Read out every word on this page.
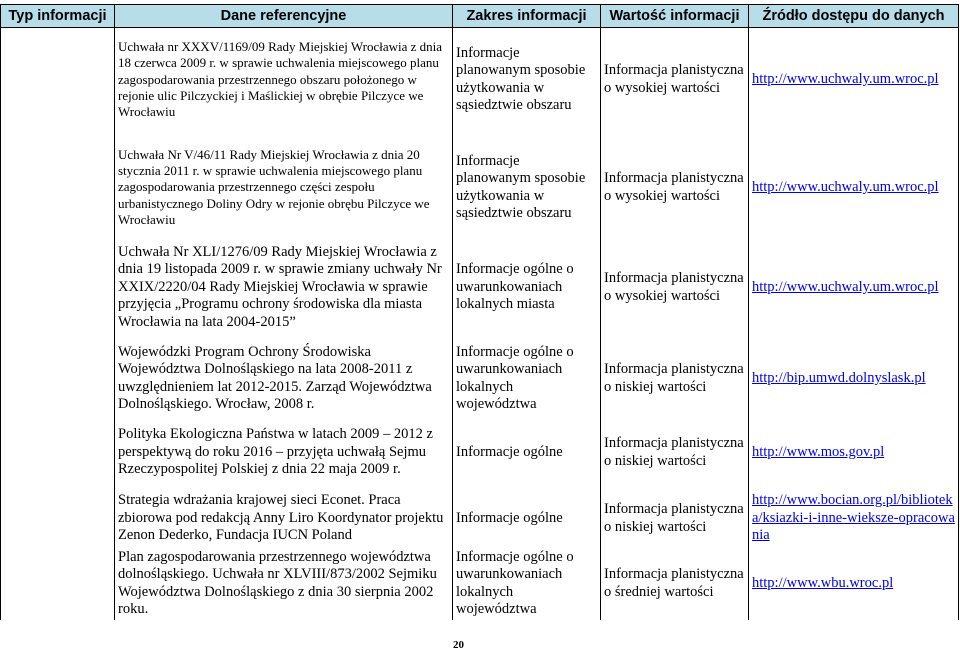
Typ informacji	Dane referencyjne	Zakres informacji	Wartość informacji	Źródło dostępu do danych
	Uchwała nr XXXV/1169/09 Rady Miejskiej Wrocławia z dnia 18 czerwca 2009 r. w sprawie uchwalenia miejscowego planu zagospodarowania przestrzennego obszaru położonego w rejonie ulic Pilczyckiej i Maślickiej w obrębie Pilczyce we Wrocławiu	Informacje planowanym sposobie użytkowania w sąsiedztwie obszaru	Informacja planistyczna o wysokiej wartości	http://www.uchwaly.um.wroc.pl

	Uchwała Nr V/46/11 Rady Miejskiej Wrocławia z dnia 20 stycznia 2011 r. w sprawie uchwalenia miejscowego planu zagospodarowania przestrzennego części zespołu urbanistycznego Doliny Odry w rejonie obrębu Pilczyce we Wrocławiu	Informacje planowanym sposobie użytkowania w sąsiedztwie obszaru	Informacja planistyczna o wysokiej wartości	http://www.uchwaly.um.wroc.pl
	Uchwała Nr XLI/1276/09 Rady Miejskiej Wrocławia z dnia 19 listopada 2009 r. w sprawie zmiany uchwały Nr XXIX/2220/04 Rady Miejskiej Wrocławia w sprawie przyjęcia „Programu ochrony środowiska dla miasta Wrocławia na lata 2004-2015”	Informacje ogólne o uwarunkowaniach lokalnych miasta	Informacja planistyczna o wysokiej wartości	http://www.uchwaly.um.wroc.pl
	Wojewódzki Program Ochrony Środowiska Województwa Dolnośląskiego na lata 2008-2011 z uwzględnieniem lat 2012-2015. Zarząd Województwa Dolnośląskiego. Wrocław, 2008 r.	Informacje ogólne o uwarunkowaniach lokalnych województwa	Informacja planistyczna o niskiej wartości	http://bip.umwd.dolnyslask.pl
	Polityka Ekologiczna Państwa w latach 2009 – 2012 z perspektywą do roku 2016 – przyjęta uchwałą Sejmu Rzeczypospolitej Polskiej z dnia 22 maja 2009 r.	Informacje ogólne	Informacja planistyczna o niskiej wartości	http://www.mos.gov.pl
	Strategia wdrażania krajowej sieci Econet. Praca zbiorowa pod redakcją Anny Liro Koordynator projektu Zenon Dederko, Fundacja IUCN Poland	Informacje ogólne	Informacja planistyczna o niskiej wartości	http://www.bocian.org.pl/biblioteka/ksiazki-i-inne-wieksze-opracowania
	Plan zagospodarowania przestrzennego województwa dolnośląskiego. Uchwała nr XLVIII/873/2002 Sejmiku Województwa Dolnośląskiego z dnia 30 sierpnia 2002 roku.	Informacje ogólne o uwarunkowaniach lokalnych województwa	Informacja planistyczna o średniej wartości	http://www.wbu.wroc.pl
20
